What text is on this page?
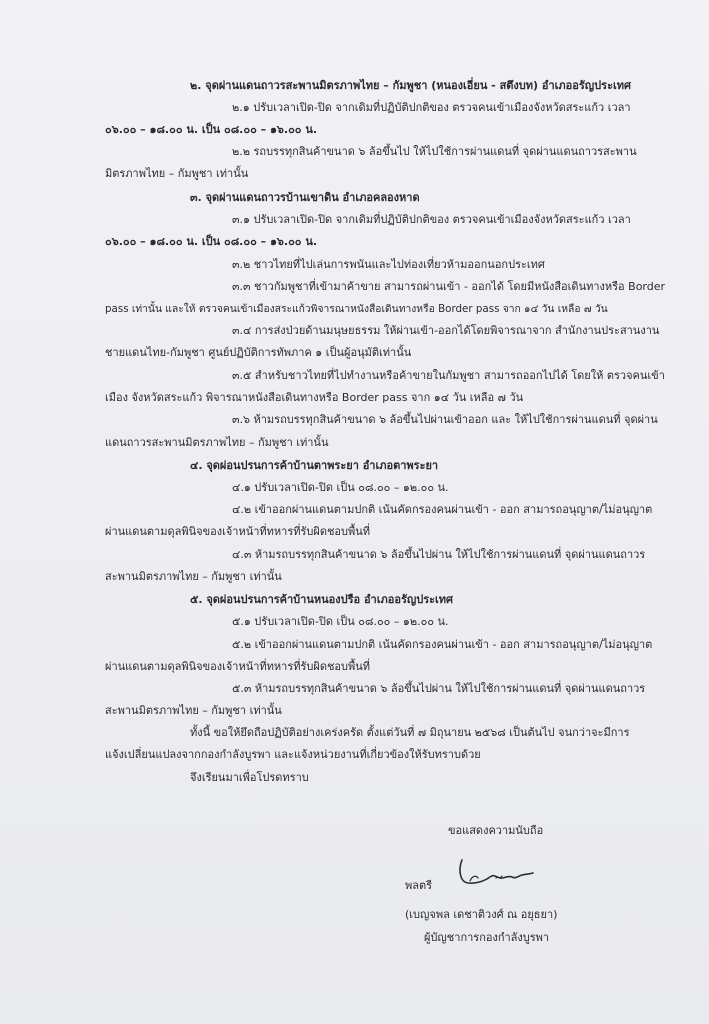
๒. จุดผ่านแดนถาวรสะพานมิตรภาพไทย – กัมพูชา (หนองเอี่ยน - สตึงบท) อำเภออรัญประเทศ

๒.๑ ปรับเวลาเปิด-ปิด จากเดิมที่ปฏิบัติปกติของ ตรวจคนเข้าเมืองจังหวัดสระแก้ว เวลา

๐๖.๐๐ – ๑๘.๐๐ น. เป็น ๐๘.๐๐ – ๑๖.๐๐ น.

๒.๒ รถบรรทุกสินค้าขนาด ๖ ล้อขึ้นไป ให้ไปใช้การผ่านแดนที่ จุดผ่านแดนถาวรสะพาน

มิตรภาพไทย – กัมพูชา เท่านั้น

๓. จุดผ่านแดนถาวรบ้านเขาดิน อำเภอคลองหาด

๓.๑ ปรับเวลาเปิด-ปิด จากเดิมที่ปฏิบัติปกติของ ตรวจคนเข้าเมืองจังหวัดสระแก้ว เวลา

๐๖.๐๐ – ๑๘.๐๐ น. เป็น ๐๘.๐๐ – ๑๖.๐๐ น.

๓.๒ ชาวไทยที่ไปเล่นการพนันและไปท่องเที่ยวห้ามออกนอกประเทศ

๓.๓ ชาวกัมพูชาที่เข้ามาค้าขาย สามารถผ่านเข้า - ออกได้ โดยมีหนังสือเดินทางหรือ Border

pass เท่านั้น และให้ ตรวจคนเข้าเมืองสระแก้วพิจารณาหนังสือเดินทางหรือ Border pass จาก ๑๔ วัน เหลือ ๗ วัน

๓.๔ การส่งป่วยด้านมนุษยธรรม ให้ผ่านเข้า-ออกได้โดยพิจารณาจาก สำนักงานประสานงาน

ชายแดนไทย-กัมพูชา ศูนย์ปฏิบัติการทัพภาค ๑ เป็นผู้อนุมัติเท่านั้น

๓.๕ สำหรับชาวไทยที่ไปทำงานหรือค้าขายในกัมพูชา สามารถออกไปได้ โดยให้ ตรวจคนเข้า

เมือง จังหวัดสระแก้ว พิจารณาหนังสือเดินทางหรือ Border pass จาก ๑๔ วัน เหลือ ๗ วัน

๓.๖ ห้ามรถบรรทุกสินค้าขนาด ๖ ล้อขึ้นไปผ่านเข้าออก และ ให้ไปใช้การผ่านแดนที่ จุดผ่าน

แดนถาวรสะพานมิตรภาพไทย – กัมพูชา เท่านั้น

๔. จุดผ่อนปรนการค้าบ้านตาพระยา อำเภอตาพระยา

๔.๑ ปรับเวลาเปิด-ปิด เป็น ๐๘.๐๐ – ๑๒.๐๐ น.

๔.๒ เข้าออกผ่านแดนตามปกติ เน้นคัดกรองคนผ่านเข้า - ออก สามารถอนุญาต/ไม่อนุญาต

ผ่านแดนตามดุลพินิจของเจ้าหน้าที่ทหารที่รับผิดชอบพื้นที่

๔.๓ ห้ามรถบรรทุกสินค้าขนาด ๖ ล้อขึ้นไปผ่าน ให้ไปใช้การผ่านแดนที่ จุดผ่านแดนถาวร

สะพานมิตรภาพไทย – กัมพูชา เท่านั้น

๕. จุดผ่อนปรนการค้าบ้านหนองปรือ อำเภออรัญประเทศ

๕.๑ ปรับเวลาเปิด-ปิด เป็น ๐๘.๐๐ – ๑๒.๐๐ น.

๕.๒ เข้าออกผ่านแดนตามปกติ เน้นคัดกรองคนผ่านเข้า - ออก สามารถอนุญาต/ไม่อนุญาต

ผ่านแดนตามดุลพินิจของเจ้าหน้าที่ทหารที่รับผิดชอบพื้นที่

๕.๓ ห้ามรถบรรทุกสินค้าขนาด ๖ ล้อขึ้นไปผ่าน ให้ไปใช้การผ่านแดนที่ จุดผ่านแดนถาวร

สะพานมิตรภาพไทย – กัมพูชา เท่านั้น

ทั้งนี้ ขอให้ยึดถือปฏิบัติอย่างเคร่งครัด ตั้งแต่วันที่ ๗ มิถุนายน ๒๕๖๘ เป็นต้นไป จนกว่าจะมีการ

แจ้งเปลี่ยนแปลงจากกองกำลังบูรพา และแจ้งหน่วยงานที่เกี่ยวข้องให้รับทราบด้วย

จึงเรียนมาเพื่อโปรดทราบ

ขอแสดงความนับถือ

พลตรี

(เบญจพล เดชาติวงศ์ ณ อยุธยา)

ผู้บัญชาการกองกำลังบูรพา
